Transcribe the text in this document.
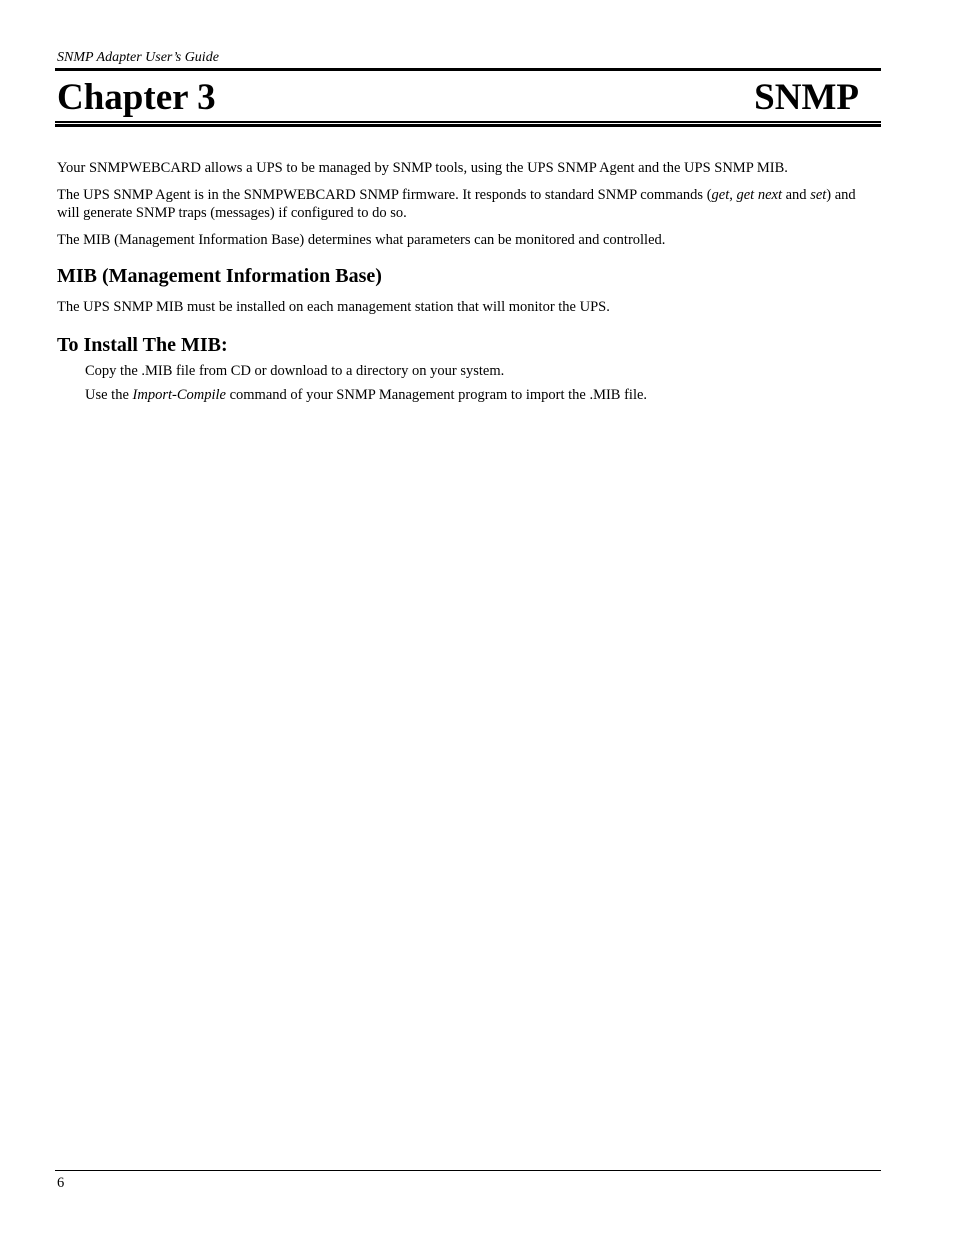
SNMP Adapter User’s Guide
Chapter 3	SNMP

Your SNMPWEBCARD allows a UPS to be managed by SNMP tools, using the UPS SNMP Agent and the UPS SNMP MIB.

The UPS SNMP Agent is in the SNMPWEBCARD SNMP firmware. It responds to standard SNMP commands (get, get next and set) and will generate SNMP traps (messages) if configured to do so.

The MIB (Management Information Base) determines what parameters can be monitored and controlled.

MIB (Management Information Base)

The UPS SNMP MIB must be installed on each management station that will monitor the UPS.

To Install The MIB:
Copy the .MIB file from CD or download to a directory on your system.
Use the Import-Compile command of your SNMP Management program to import the .MIB file.
6
